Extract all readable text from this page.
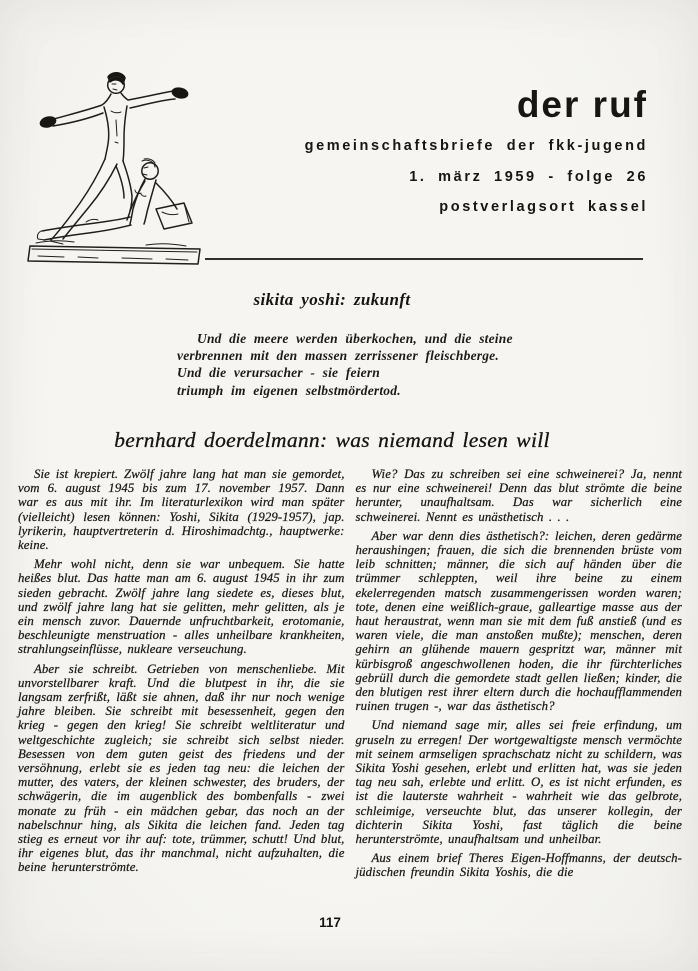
der ruf
gemeinschaftsbriefe der fkk-jugend
1. märz 1959 - folge 26
postverlagsort kassel
sikita yoshi: zukunft
Und die meere werden überkochen, und die steine
verbrennen mit den massen zerrissener fleischberge.
Und die verursacher - sie feiern
triumph im eigenen selbstmördertod.
bernhard doerdelmann: was niemand lesen will

Sie ist krepiert. Zwölf jahre lang hat man sie gemordet, vom 6. august 1945 bis zum 17. november 1957. Dann war es aus mit ihr. Im literaturlexikon wird man später (vielleicht) lesen können: Yoshi, Sikita (1929-1957), jap. lyrikerin, hauptvertreterin d. Hiroshimadchtg., hauptwerke: keine.

Mehr wohl nicht, denn sie war unbequem. Sie hatte heißes blut. Das hatte man am 6. august 1945 in ihr zum sieden gebracht. Zwölf jahre lang siedete es, dieses blut, und zwölf jahre lang hat sie gelitten, mehr gelitten, als je ein mensch zuvor. Dauernde unfruchtbarkeit, erotomanie, beschleunigte menstruation - alles unheilbare krankheiten, strahlungseinflüsse, nukleare verseuchung.

Aber sie schreibt. Getrieben von menschenliebe. Mit unvorstellbarer kraft. Und die blutpest in ihr, die sie langsam zerfrißt, läßt sie ahnen, daß ihr nur noch wenige jahre bleiben. Sie schreibt mit besessenheit, gegen den krieg - gegen den krieg! Sie schreibt weltliteratur und weltgeschichte zugleich; sie schreibt sich selbst nieder. Besessen von dem guten geist des friedens und der versöhnung, erlebt sie es jeden tag neu: die leichen der mutter, des vaters, der kleinen schwester, des bruders, der schwägerin, die im augenblick des bombenfalls - zwei monate zu früh - ein mädchen gebar, das noch an der nabelschnur hing, als Sikita die leichen fand. Jeden tag stieg es erneut vor ihr auf: tote, trümmer, schutt! Und blut, ihr eigenes blut, das ihr manchmal, nicht aufzuhalten, die beine herunterströmte.

Wie? Das zu schreiben sei eine schweinerei? Ja, nennt es nur eine schweinerei! Denn das blut strömte die beine herunter, unaufhaltsam. Das war sicherlich eine schweinerei. Nennt es unästhetisch . . .

Aber war denn dies ästhetisch?: leichen, deren gedärme heraushingen; frauen, die sich die brennenden brüste vom leib schnitten; männer, die sich auf händen über die trümmer schleppten, weil ihre beine zu einem ekelerregenden matsch zusammengerissen worden waren; tote, denen eine weißlich-graue, galleartige masse aus der haut heraustrat, wenn man sie mit dem fuß anstieß (und es waren viele, die man anstoßen mußte); menschen, deren gehirn an glühende mauern gespritzt war, männer mit kürbisgroß angeschwollenen hoden, die ihr fürchterliches gebrüll durch die gemordete stadt gellen ließen; kinder, die den blutigen rest ihrer eltern durch die hochaufflammenden ruinen trugen -, war das ästhetisch?

Und niemand sage mir, alles sei freie erfindung, um gruseln zu erregen! Der wortgewaltigste mensch vermöchte mit seinem armseligen sprachschatz nicht zu schildern, was Sikita Yoshi gesehen, erlebt und erlitten hat, was sie jeden tag neu sah, erlebte und erlitt. O, es ist nicht erfunden, es ist die lauterste wahrheit - wahrheit wie das gelbrote, schleimige, verseuchte blut, das unserer kollegin, der dichterin Sikita Yoshi, fast täglich die beine herunterströmte, unaufhaltsam und unheilbar.

Aus einem brief Theres Eigen-Hoffmanns, der deutsch-jüdischen freundin Sikita Yoshis, die die

117
